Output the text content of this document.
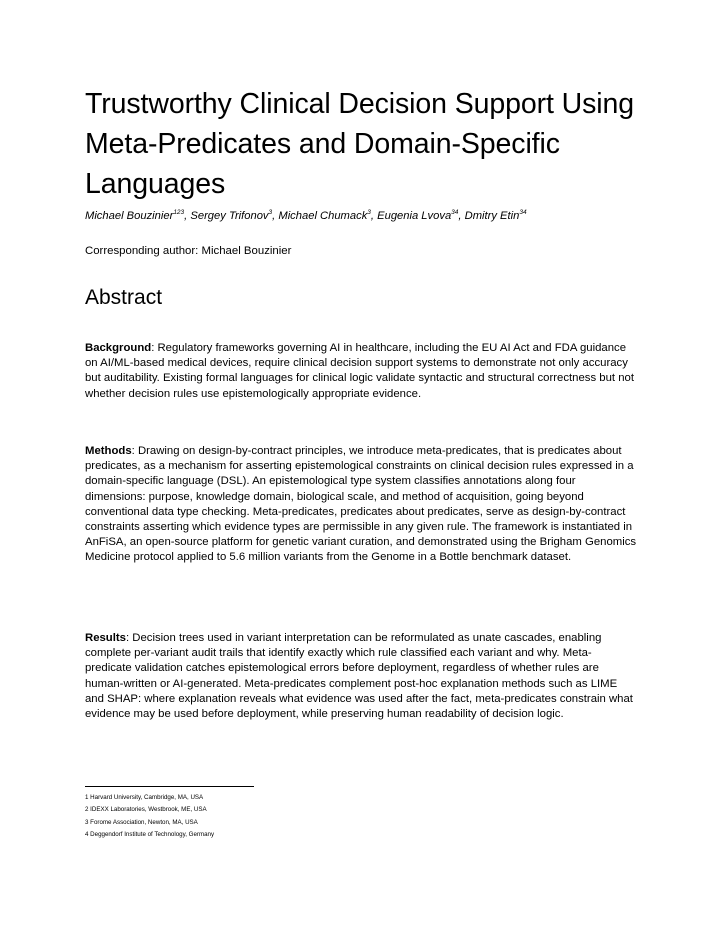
Trustworthy Clinical Decision Support Using Meta-Predicates and Domain-Specific Languages

Michael Bouzinier$^{123}$, Sergey Trifonov$^3$, Michael Chumack$^3$, Eugenia Lvova$^{34}$, Dmitry Etin$^{34}$

Corresponding author: Michael Bouzinier

Abstract

Background: Regulatory frameworks governing AI in healthcare, including the EU AI Act and FDA guidance on AI/ML-based medical devices, require clinical decision support systems to demonstrate not only accuracy but auditability. Existing formal languages for clinical logic validate syntactic and structural correctness but not whether decision rules use epistemologically appropriate evidence.

Methods: Drawing on design-by-contract principles, we introduce meta-predicates, that is predicates about predicates, as a mechanism for asserting epistemological constraints on clinical decision rules expressed in a domain-specific language (DSL). An epistemological type system classifies annotations along four dimensions: purpose, knowledge domain, biological scale, and method of acquisition, going beyond conventional data type checking. Meta-predicates, predicates about predicates, serve as design-by-contract constraints asserting which evidence types are permissible in any given rule. The framework is instantiated in AnFiSA, an open-source platform for genetic variant curation, and demonstrated using the Brigham Genomics Medicine protocol applied to 5.6 million variants from the Genome in a Bottle benchmark dataset.

Results: Decision trees used in variant interpretation can be reformulated as unate cascades, enabling complete per-variant audit trails that identify exactly which rule classified each variant and why. Meta-predicate validation catches epistemological errors before deployment, regardless of whether rules are human-written or AI-generated. Meta-predicates complement post-hoc explanation methods such as LIME and SHAP: where explanation reveals what evidence was used after the fact, meta-predicates constrain what evidence may be used before deployment, while preserving human readability of decision logic.

1 Harvard University, Cambridge, MA, USA
2 IDEXX Laboratories, Westbrook, ME, USA
3 Forome Association, Newton, MA, USA
4 Deggendorf Institute of Technology, Germany
